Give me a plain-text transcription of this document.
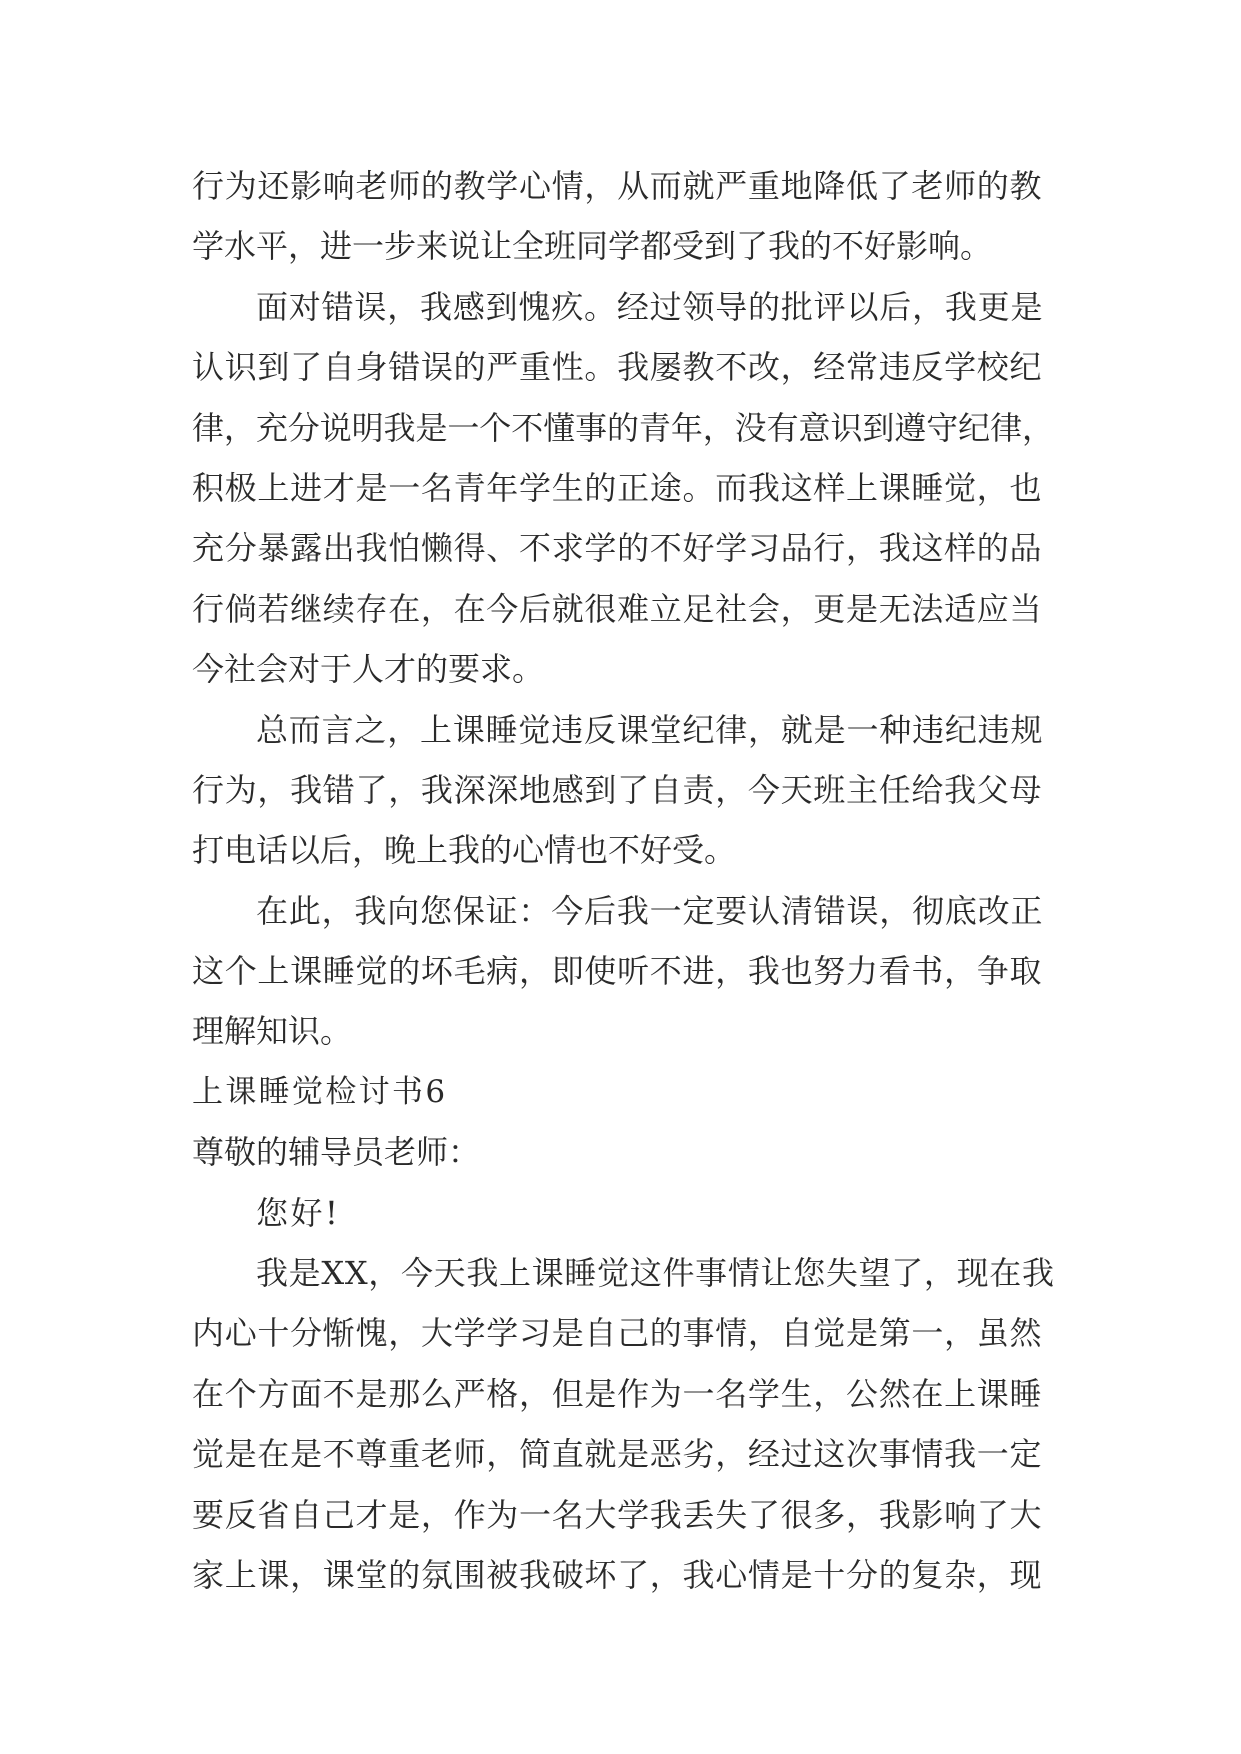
行为还影响老师的教学心情，从而就严重地降低了老师的教
学水平，进一步来说让全班同学都受到了我的不好影响。
面对错误，我感到愧疚。经过领导的批评以后，我更是
认识到了自身错误的严重性。我屡教不改，经常违反学校纪
律，充分说明我是一个不懂事的青年，没有意识到遵守纪律，
积极上进才是一名青年学生的正途。而我这样上课睡觉，也
充分暴露出我怕懒得、不求学的不好学习品行，我这样的品
行倘若继续存在，在今后就很难立足社会，更是无法适应当
今社会对于人才的要求。
总而言之，上课睡觉违反课堂纪律，就是一种违纪违规
行为，我错了，我深深地感到了自责，今天班主任给我父母
打电话以后，晚上我的心情也不好受。
在此，我向您保证：今后我一定要认清错误，彻底改正
这个上课睡觉的坏毛病，即使听不进，我也努力看书，争取
理解知识。
上课睡觉检讨书6
尊敬的辅导员老师：
您好!
我是XX，今天我上课睡觉这件事情让您失望了，现在我
内心十分惭愧，大学学习是自己的事情，自觉是第一，虽然
在个方面不是那么严格，但是作为一名学生，公然在上课睡
觉是在是不尊重老师，简直就是恶劣，经过这次事情我一定
要反省自己才是，作为一名大学我丢失了很多，我影响了大
家上课，课堂的氛围被我破坏了，我心情是十分的复杂，现
